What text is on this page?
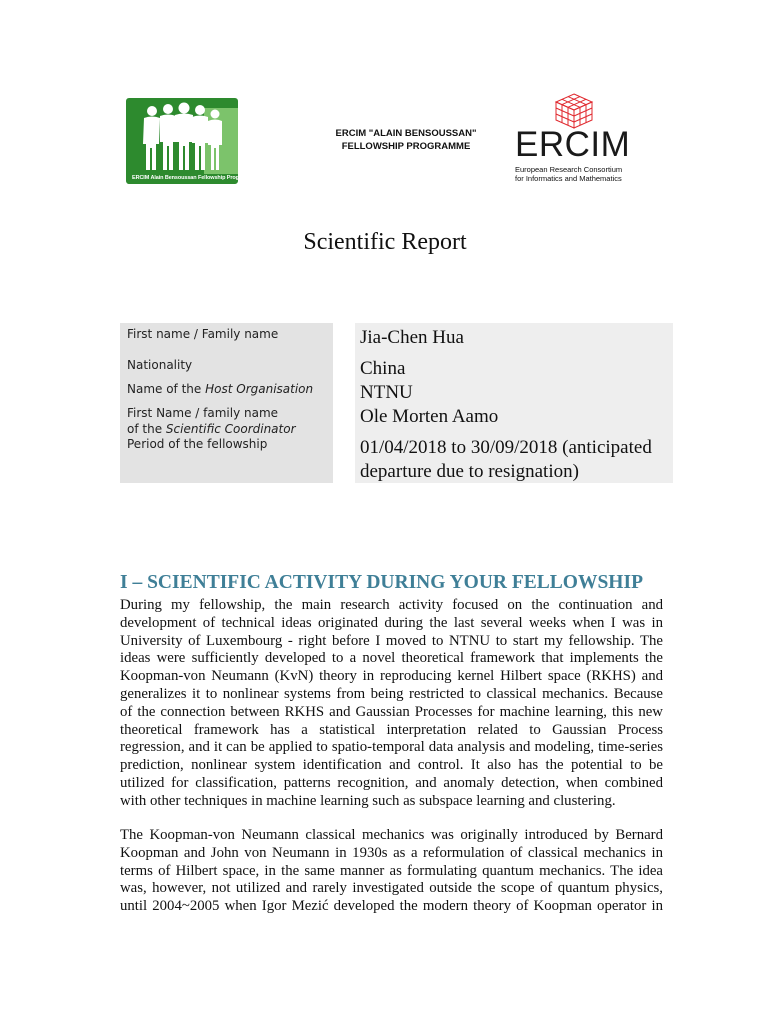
ERCIM Alain Bensoussan Fellowship Programme
ERCIM "ALAIN BENSOUSSAN"
FELLOWSHIP PROGRAMME	ERCIM
European Research Consortium
for Informatics and Mathematics
Scientific Report
First name / Family name
Nationality
Name of the Host Organisation
First Name / family name
of the Scientific Coordinator
Period of the fellowship
Jia-Chen Hua
China
NTNU
Ole Morten Aamo
01/04/2018 to 30/09/2018 (anticipated
departure due to resignation)
I – SCIENTIFIC ACTIVITY DURING YOUR FELLOWSHIP
During my fellowship, the main research activity focused on the continuation and
development of technical ideas originated during the last several weeks when I was in
University of Luxembourg - right before I moved to NTNU to start my fellowship. The
ideas were sufficiently developed to a novel theoretical framework that implements the
Koopman-von Neumann (KvN) theory in reproducing kernel Hilbert space (RKHS) and
generalizes it to nonlinear systems from being restricted to classical mechanics. Because
of the connection between RKHS and Gaussian Processes for machine learning, this new
theoretical framework has a statistical interpretation related to Gaussian Process
regression, and it can be applied to spatio-temporal data analysis and modeling, time-series
prediction, nonlinear system identification and control. It also has the potential to be
utilized for classification, patterns recognition, and anomaly detection, when combined
with other techniques in machine learning such as subspace learning and clustering.
The Koopman-von Neumann classical mechanics was originally introduced by Bernard
Koopman and John von Neumann in 1930s as a reformulation of classical mechanics in
terms of Hilbert space, in the same manner as formulating quantum mechanics. The idea
was, however, not utilized and rarely investigated outside the scope of quantum physics,
until 2004~2005 when Igor Mezić developed the modern theory of Koopman operator in
